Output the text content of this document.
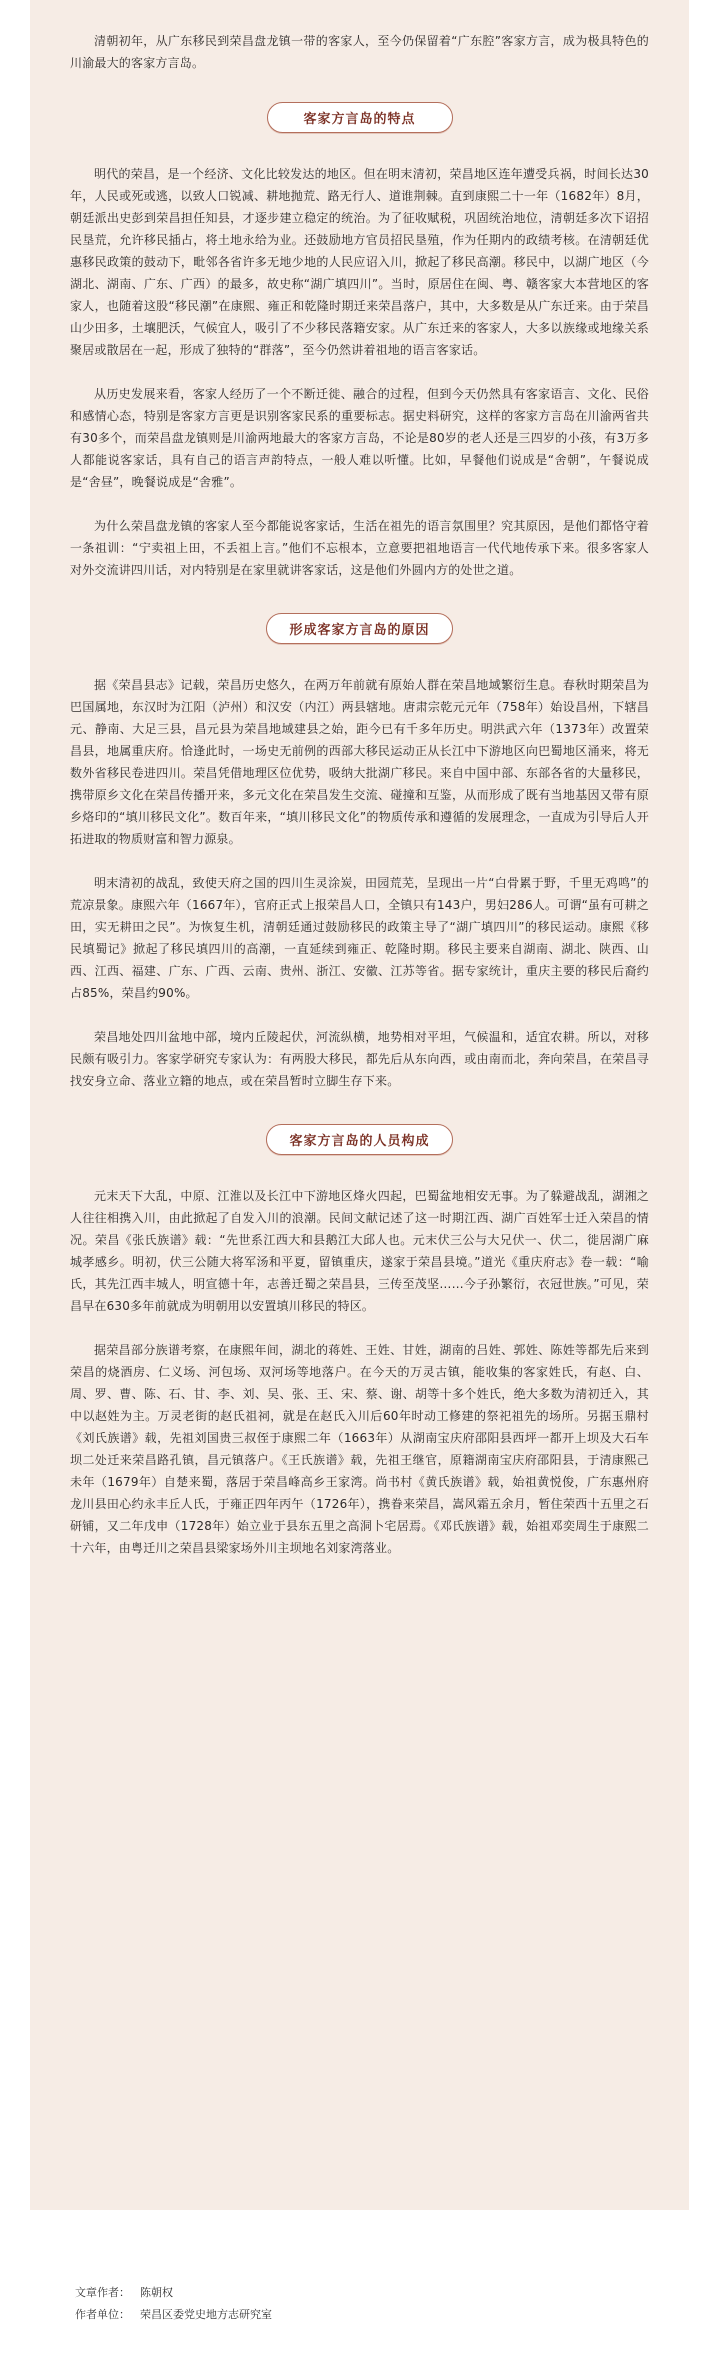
清朝初年，从广东移民到荣昌盘龙镇一带的客家人，至今仍保留着“广东腔”客家方言，成为极具特色的川渝最大的客家方言岛。

客家方言岛的特点

明代的荣昌，是一个经济、文化比较发达的地区。但在明末清初，荣昌地区连年遭受兵祸，时间长达30年，人民或死或逃，以致人口锐减、耕地抛荒、路无行人、道谁荆棘。直到康熙二十一年（1682年）8月，朝廷派出史彭到荣昌担任知县，才逐步建立稳定的统治。为了征收赋税，巩固统治地位，清朝廷多次下诏招民垦荒，允许移民插占，将土地永给为业。还鼓励地方官员招民垦殖，作为任期内的政绩考核。在清朝廷优惠移民政策的鼓动下，毗邻各省许多无地少地的人民应诏入川，掀起了移民高潮。移民中，以湖广地区（今湖北、湖南、广东、广西）的最多，故史称“湖广填四川”。当时，原居住在闽、粤、赣客家大本营地区的客家人，也随着这股“移民潮”在康熙、雍正和乾隆时期迁来荣昌落户，其中，大多数是从广东迁来。由于荣昌山少田多，土壤肥沃，气候宜人，吸引了不少移民落籍安家。从广东迁来的客家人，大多以族缘或地缘关系聚居或散居在一起，形成了独特的“群落”，至今仍然讲着祖地的语言客家话。

从历史发展来看，客家人经历了一个不断迁徙、融合的过程，但到今天仍然具有客家语言、文化、民俗和感情心态，特别是客家方言更是识别客家民系的重要标志。据史料研究，这样的客家方言岛在川渝两省共有30多个，而荣昌盘龙镇则是川渝两地最大的客家方言岛，不论是80岁的老人还是三四岁的小孩，有3万多人都能说客家话，具有自己的语言声韵特点，一般人难以听懂。比如，早餐他们说成是“舍朝”，午餐说成是“舍昼”，晚餐说成是“舍雅”。

为什么荣昌盘龙镇的客家人至今都能说客家话，生活在祖先的语言氛围里？究其原因，是他们都恪守着一条祖训：“宁卖祖上田，不丢祖上言。”他们不忘根本，立意要把祖地语言一代代地传承下来。很多客家人对外交流讲四川话，对内特别是在家里就讲客家话，这是他们外圆内方的处世之道。

形成客家方言岛的原因

据《荣昌县志》记载，荣昌历史悠久，在两万年前就有原始人群在荣昌地域繁衍生息。春秋时期荣昌为巴国属地，东汉时为江阳（泸州）和汉安（内江）两县辖地。唐肃宗乾元元年（758年）始设昌州，下辖昌元、静南、大足三县，昌元县为荣昌地域建县之始，距今已有千多年历史。明洪武六年（1373年）改置荣昌县，地属重庆府。恰逢此时，一场史无前例的西部大移民运动正从长江中下游地区向巴蜀地区涌来，将无数外省移民卷进四川。荣昌凭借地理区位优势，吸纳大批湖广移民。来自中国中部、东部各省的大量移民，携带原乡文化在荣昌传播开来，多元文化在荣昌发生交流、碰撞和互鉴，从而形成了既有当地基因又带有原乡烙印的“填川移民文化”。数百年来，“填川移民文化”的物质传承和遵循的发展理念，一直成为引导后人开拓进取的物质财富和智力源泉。

明末清初的战乱，致使天府之国的四川生灵涂炭，田园荒芜，呈现出一片“白骨累于野，千里无鸡鸣”的荒凉景象。康熙六年（1667年），官府正式上报荣昌人口，全镇只有143户，男妇286人。可谓“虽有可耕之田，实无耕田之民”。为恢复生机，清朝廷通过鼓励移民的政策主导了“湖广填四川”的移民运动。康熙《移民填蜀记》掀起了移民填四川的高潮，一直延续到雍正、乾隆时期。移民主要来自湖南、湖北、陕西、山西、江西、福建、广东、广西、云南、贵州、浙江、安徽、江苏等省。据专家统计，重庆主要的移民后裔约占85%，荣昌约90%。

荣昌地处四川盆地中部，境内丘陵起伏，河流纵横，地势相对平坦，气候温和，适宜农耕。所以，对移民颇有吸引力。客家学研究专家认为：有两股大移民，都先后从东向西，或由南而北，奔向荣昌，在荣昌寻找安身立命、落业立籍的地点，或在荣昌暂时立脚生存下来。

客家方言岛的人员构成

元末天下大乱，中原、江淮以及长江中下游地区烽火四起，巴蜀盆地相安无事。为了躲避战乱，湖湘之人往往相携入川，由此掀起了自发入川的浪潮。民间文献记述了这一时期江西、湖广百姓军士迁入荣昌的情况。荣昌《张氏族谱》载：“先世系江西大和县鹅江大邱人也。元末伏三公与大兄伏一、伏二，徙居湖广麻城孝感乡。明初，伏三公随大将军汤和平夏，留镇重庆，遂家于荣昌县境。”道光《重庆府志》卷一载：“喻氏，其先江西丰城人，明宣德十年，志善迁蜀之荣昌县，三传至茂坚……今子孙繁衍，衣冠世族。”可见，荣昌早在630多年前就成为明朝用以安置填川移民的特区。

据荣昌部分族谱考察，在康熙年间，湖北的蒋姓、王姓、甘姓，湖南的吕姓、郭姓、陈姓等都先后来到荣昌的烧酒房、仁义场、河包场、双河场等地落户。在今天的万灵古镇，能收集的客家姓氏，有赵、白、周、罗、曹、陈、石、甘、李、刘、吴、张、王、宋、蔡、谢、胡等十多个姓氏，绝大多数为清初迁入，其中以赵姓为主。万灵老街的赵氏祖祠，就是在赵氏入川后60年时动工修建的祭祀祖先的场所。另据玉鼎村《刘氏族谱》载，先祖刘国贵三叔侄于康熙二年（1663年）从湖南宝庆府邵阳县西坪一都开上坝及大石车坝二处迁来荣昌路孔镇，昌元镇落户。《王氏族谱》载，先祖王继官，原籍湖南宝庆府邵阳县，于清康熙己未年（1679年）自楚来蜀，落居于荣昌峰高乡王家湾。尚书村《黄氏族谱》载，始祖黄悦俊，广东惠州府龙川县田心约永丰丘人氏，于雍正四年丙午（1726年），携眷来荣昌，嵩风霜五余月，暂住荣西十五里之石研铺，又二年戊申（1728年）始立业于县东五里之高洞卜宅居焉。《邓氏族谱》载，始祖邓奕周生于康熙二十六年，由粤迁川之荣昌县梁家场外川主坝地名刘家湾落业。

文章作者： 陈朝权
作者单位： 荣昌区委党史地方志研究室
